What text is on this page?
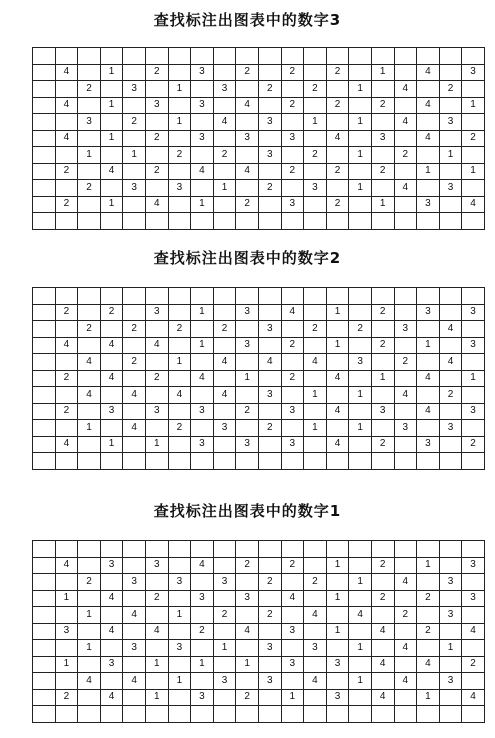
查找标注出图表中的数字3

	4		1		2		3		2		2		2		1		4		3
		2		3		1		3		2		2		1		4		2	
	4		1		3		3		4		2		2		2		4		1
		3		2		1		4		3		1		1		4		3	
	4		1		2		3		3		3		4		3		4		2
		1		1		2		2		3		2		1		2		1	
	2		4		2		4		4		2		2		2		1		1
		2		3		3		1		2		3		1		4		3	
	2		1		4		1		2		3		2		1		3		4

查找标注出图表中的数字2

	2		2		3		1		3		4		1		2		3		3
		2		2		2		2		3		2		2		3		4	
	4		4		4		1		3		2		1		2		1		3
		4		2		1		4		4		4		3		2		4	
	2		4		2		4		1		2		4		1		4		1
		4		4		4		4		3		1		1		4		2	
	2		3		3		3		2		3		4		3		4		3
		1		4		2		3		2		1		1		3		3	
	4		1		1		3		3		3		4		2		3		2

查找标注出图表中的数字1

	4		3		3		4		2		2		1		2		1		3
		2		3		3		3		2		2		1		4		3	
	1		4		2		3		3		4		1		2		2		3
		1		4		1		2		2		4		4		2		3	
	3		4		4		2		4		3		1		4		2		4
		1		3		3		1		3		3		1		4		1	
	1		3		1		1		1		3		3		4		4		2
		4		4		1		3		3		4		1		4		3	
	2		4		1		3		2		1		3		4		1		4
